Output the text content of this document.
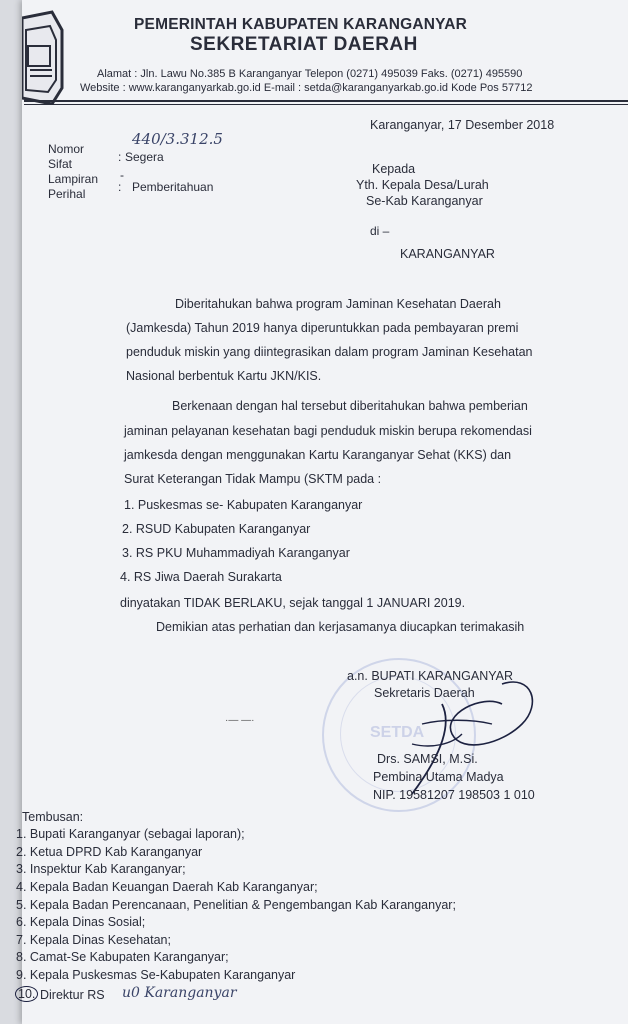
PEMERINTAH KABUPATEN KARANGANYAR
SEKRETARIAT DAERAH
Alamat : Jln. Lawu No.385 B Karanganyar Telepon (0271) 495039 Faks. (0271) 495590
Website : www.karanganyarkab.go.id E-mail : setda@karanganyarkab.go.id Kode Pos 57712
Karanganyar, 17 Desember 2018
Nomor
440/3.312.5
Sifat	: Segera
Lampiran -
Perihal	: Pemberitahuan
Kepada
Yth. Kepala Desa/Lurah
Se-Kab Karanganyar
di –
KARANGANYAR
Diberitahukan bahwa program Jaminan Kesehatan Daerah
(Jamkesda) Tahun 2019 hanya diperuntukkan pada pembayaran premi
penduduk miskin yang diintegrasikan dalam program Jaminan Kesehatan
Nasional berbentuk Kartu JKN/KIS.
Berkenaan dengan hal tersebut diberitahukan bahwa pemberian
jaminan pelayanan kesehatan bagi penduduk miskin berupa rekomendasi
jamkesda dengan menggunakan Kartu Karanganyar Sehat (KKS) dan
Surat Keterangan Tidak Mampu (SKTM pada :
1. Puskesmas se- Kabupaten Karanganyar
2. RSUD Kabupaten Karanganyar
3. RS PKU Muhammadiyah Karanganyar
4. RS Jiwa Daerah Surakarta
dinyatakan TIDAK BERLAKU, sejak tanggal 1 JANUARI 2019.
Demikian atas perhatian dan kerjasamanya diucapkan terimakasih
·— —·
SETDA
a.n. BUPATI KARANGANYAR
Sekretaris Daerah
Drs. SAMSI, M.Si.
Pembina Utama Madya
NIP. 19581207 198503 1 010
Tembusan:
1. Bupati Karanganyar (sebagai laporan);
2. Ketua DPRD Kab Karanganyar
3. Inspektur Kab Karanganyar;
4. Kepala Badan Keuangan Daerah Kab Karanganyar;
5. Kepala Badan Perencanaan, Penelitian & Pengembangan Kab Karanganyar;
6. Kepala Dinas Sosial;
7. Kepala Dinas Kesehatan;
8. Camat-Se Kabupaten Karanganyar;
9. Kepala Puskesmas Se-Kabupaten Karanganyar
10. Direktur RS u0 Karanganyar
